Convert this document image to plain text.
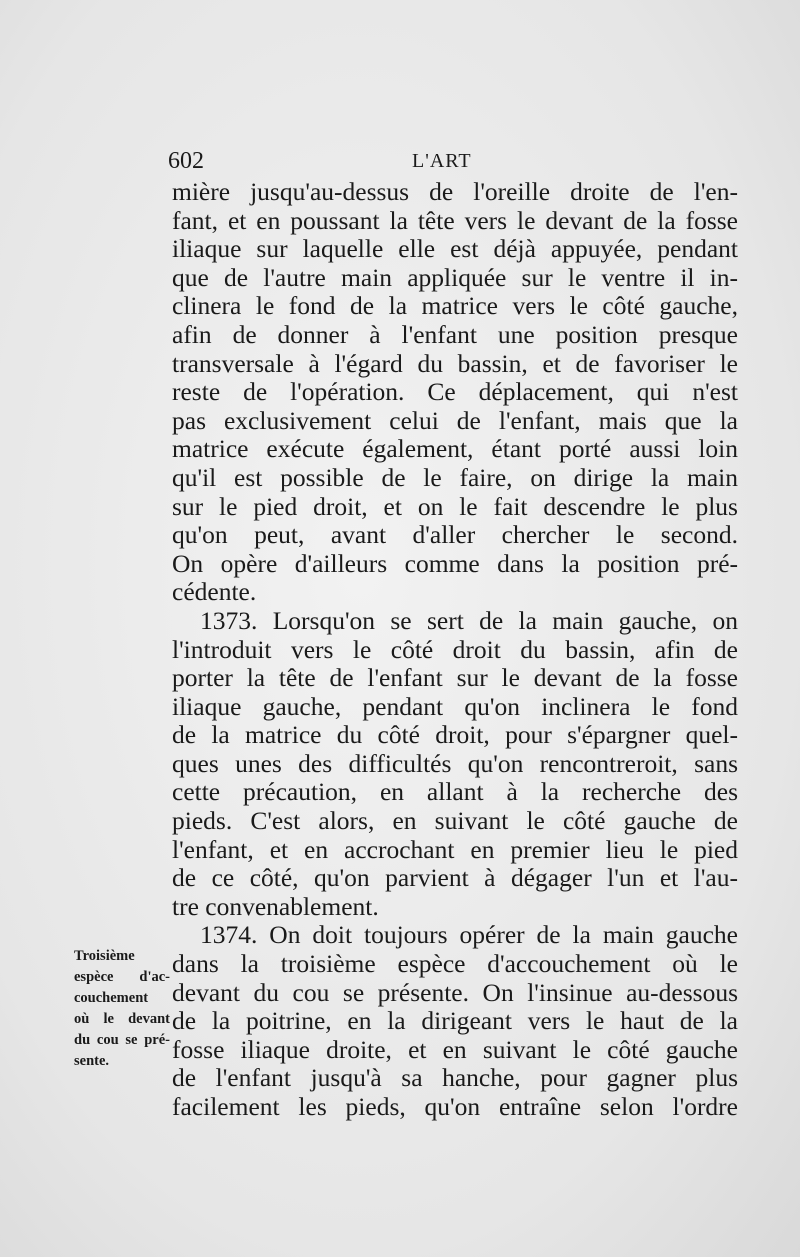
602	L'ART
mière jusqu'au-dessus de l'oreille droite de l'en-
fant, et en poussant la tête vers le devant de la fosse
iliaque sur laquelle elle est déjà appuyée, pendant
que de l'autre main appliquée sur le ventre il in-
clinera le fond de la matrice vers le côté gauche,
afin de donner à l'enfant une position presque
transversale à l'égard du bassin, et de favoriser le
reste de l'opération. Ce déplacement, qui n'est
pas exclusivement celui de l'enfant, mais que la
matrice exécute également, étant porté aussi loin
qu'il est possible de le faire, on dirige la main
sur le pied droit, et on le fait descendre le plus
qu'on peut, avant d'aller chercher le second.
On opère d'ailleurs comme dans la position pré-
cédente.
1373. Lorsqu'on se sert de la main gauche, on
l'introduit vers le côté droit du bassin, afin de
porter la tête de l'enfant sur le devant de la fosse
iliaque gauche, pendant qu'on inclinera le fond
de la matrice du côté droit, pour s'épargner quel-
ques unes des difficultés qu'on rencontreroit, sans
cette précaution, en allant à la recherche des
pieds. C'est alors, en suivant le côté gauche de
l'enfant, et en accrochant en premier lieu le pied
de ce côté, qu'on parvient à dégager l'un et l'au-
tre convenablement.
1374. On doit toujours opérer de la main gauche
dans la troisième espèce d'accouchement où le
devant du cou se présente. On l'insinue au-dessous
de la poitrine, en la dirigeant vers le haut de la
fosse iliaque droite, et en suivant le côté gauche
de l'enfant jusqu'à sa hanche, pour gagner plus
facilement les pieds, qu'on entraîne selon l'ordre
Troisième
espèce d'ac-
couchement
où le devant
du cou se pré-
sente.
